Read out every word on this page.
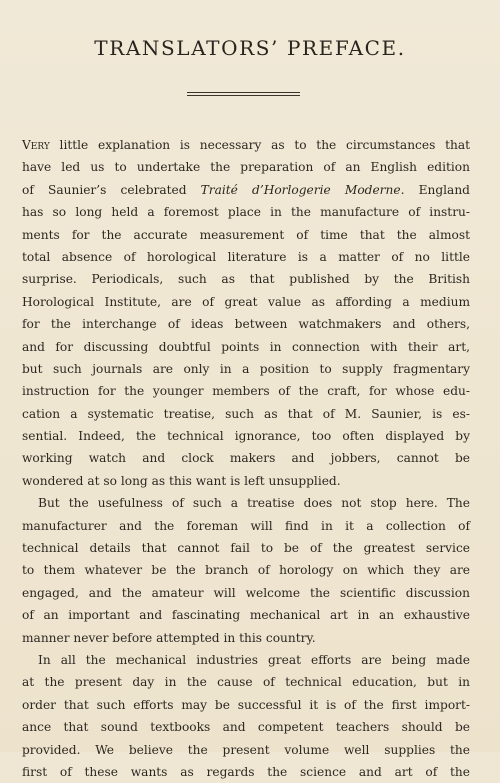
TRANSLATORS’ PREFACE.
Very little explanation is necessary as to the circumstances that
have led us to undertake the preparation of an English edition
of Saunier’s celebrated Traité d’Horlogerie Moderne. England
has so long held a foremost place in the manufacture of instru-
ments for the accurate measurement of time that the almost
total absence of horological literature is a matter of no little
surprise. Periodicals, such as that published by the British
Horological Institute, are of great value as affording a medium
for the interchange of ideas between watchmakers and others,
and for discussing doubtful points in connection with their art,
but such journals are only in a position to supply fragmentary
instruction for the younger members of the craft, for whose edu-
cation a systematic treatise, such as that of M. Saunier, is es-
sential. Indeed, the technical ignorance, too often displayed by
working watch and clock makers and jobbers, cannot be
wondered at so long as this want is left unsupplied.
But the usefulness of such a treatise does not stop here. The
manufacturer and the foreman will find in it a collection of
technical details that cannot fail to be of the greatest service
to them whatever be the branch of horology on which they are
engaged, and the amateur will welcome the scientific discussion
of an important and fascinating mechanical art in an exhaustive
manner never before attempted in this country.
In all the mechanical industries great efforts are being made
at the present day in the cause of technical education, but in
order that such efforts may be successful it is of the first import-
ance that sound textbooks and competent teachers should be
provided. We believe the present volume well supplies the
first of these wants as regards the science and art of the
